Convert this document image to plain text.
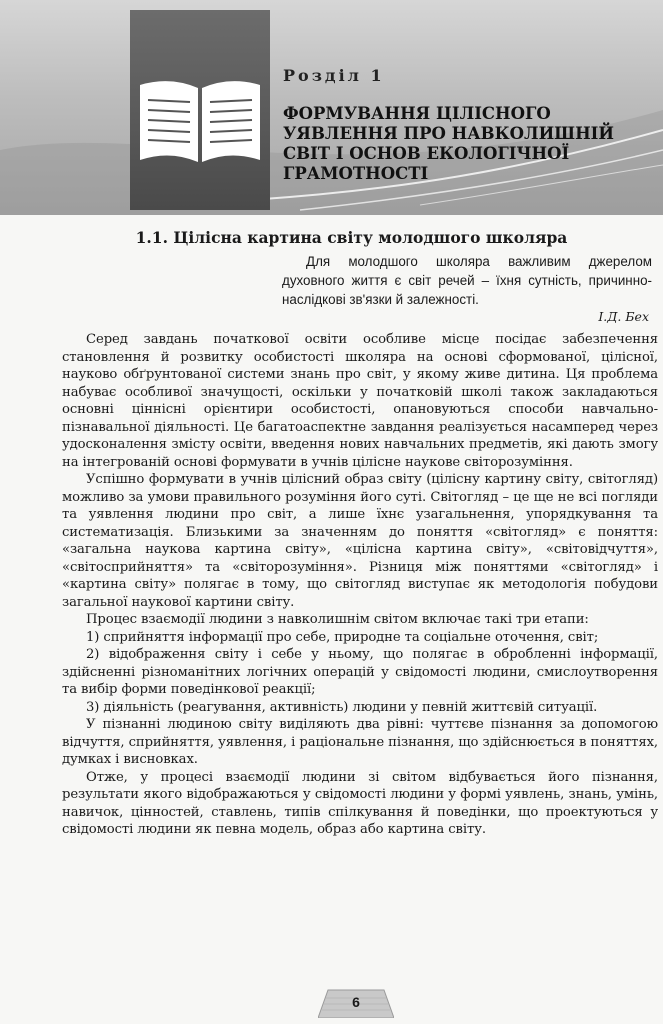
Розділ 1
ФОРМУВАННЯ ЦІЛІСНОГО УЯВЛЕННЯ ПРО НАВКОЛИШНІЙ СВІТ І ОСНОВ ЕКОЛОГІЧНОЇ ГРАМОТНОСТІ
1.1. Цілісна картина світу молодшого школяра

Для молодшого школяра важливим джерелом духовного життя є світ речей – їхня сутність, причинно-наслідкові зв'язки й залежності.

І.Д. Бех

Серед завдань початкової освіти особливе місце посідає забезпечення становлення й розвитку особистості школяра на основі сформованої, цілісної, науково обґрунтованої системи знань про світ, у якому живе дитина. Ця проблема набуває особливої значущості, оскільки у початковій школі також закладаються основні ціннісні орієнтири особистості, опановуються способи навчально-пізнавальної діяльності. Це багатоаспектне завдання реалізується насамперед через удосконалення змісту освіти, введення нових навчальних предметів, які дають змогу на інтегрованій основі формувати в учнів цілісне наукове світорозуміння.

Успішно формувати в учнів цілісний образ світу (цілісну картину світу, світогляд) можливо за умови правильного розуміння його суті. Світогляд – це ще не всі погляди та уявлення людини про світ, а лише їхнє узагальнення, упорядкування та систематизація. Близькими за значенням до поняття «світогляд» є поняття: «загальна наукова картина світу», «цілісна картина світу», «світовідчуття», «світосприйняття» та «світорозуміння». Різниця між поняттями «світогляд» і «картина світу» полягає в тому, що світогляд виступає як методологія побудови загальної наукової картини світу.

Процес взаємодії людини з навколишнім світом включає такі три етапи:

1) сприйняття інформації про себе, природне та соціальне оточення, світ;

2) відображення світу і себе у ньому, що полягає в обробленні інформації, здійсненні різноманітних логічних операцій у свідомості людини, смислоутворення та вибір форми поведінкової реакції;

3) діяльність (реагування, активність) людини у певній життєвій ситуації.

У пізнанні людиною світу виділяють два рівні: чуттєве пізнання за допомогою відчуття, сприйняття, уявлення, і раціональне пізнання, що здійснюється в поняттях, думках і висновках.

Отже, у процесі взаємодії людини зі світом відбувається його пізнання, результати якого відображаються у свідомості людини у формі уявлень, знань, умінь, навичок, цінностей, ставлень, типів спілкування й поведінки, що проектуються у свідомості людини як певна модель, образ або картина світу.

6
